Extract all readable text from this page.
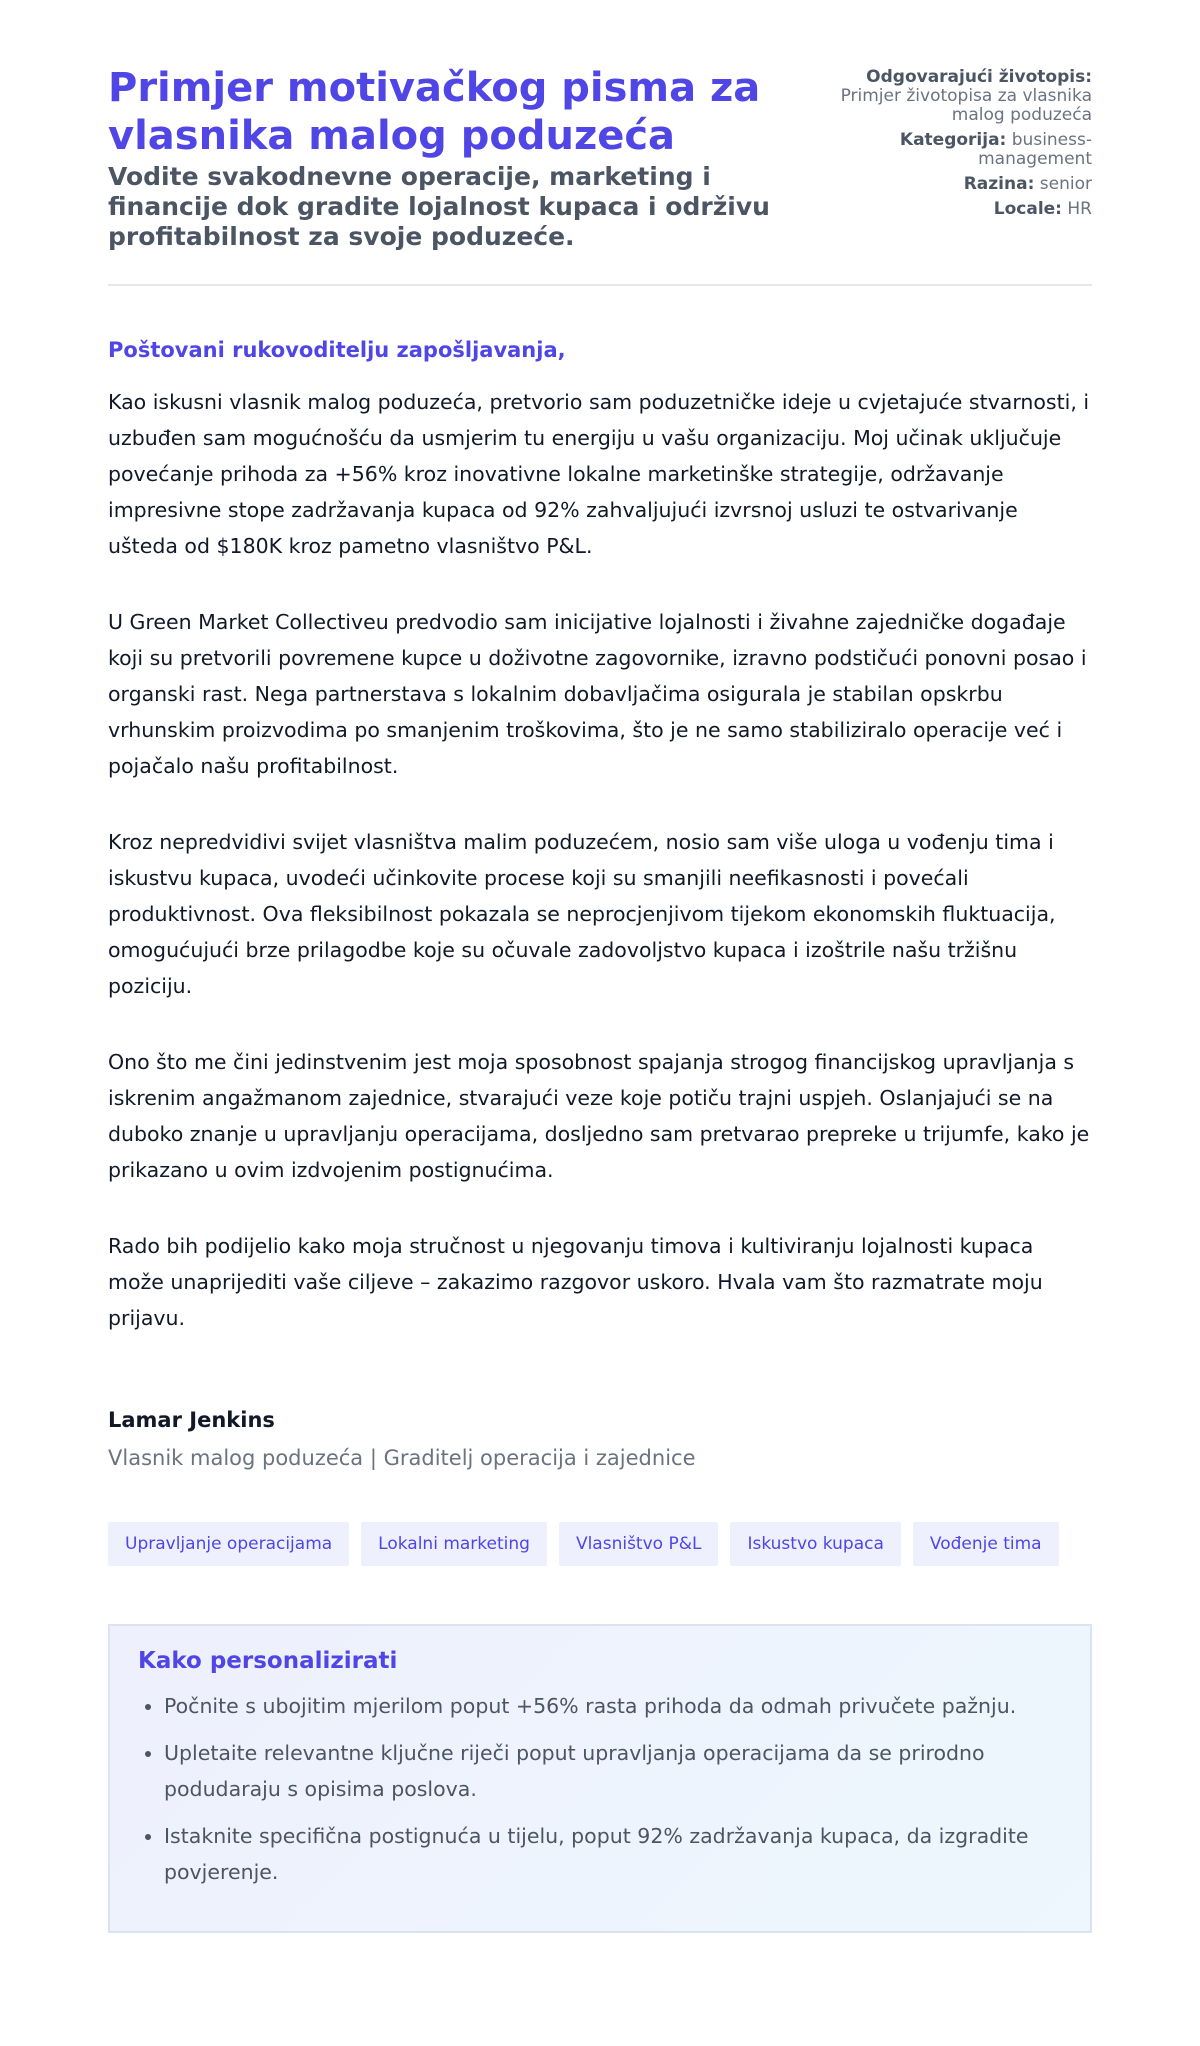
Primjer motivačkog pisma za vlasnika malog poduzeća
Vodite svakodnevne operacije, marketing i financije dok gradite lojalnost kupaca i održivu profitabilnost za svoje poduzeće.
Odgovarajući životopis:
Primjer životopisa za vlasnika malog poduzeća
Kategorija: business-management
Razina: senior
Locale: HR
Poštovani rukovoditelju zapošljavanja,

Kao iskusni vlasnik malog poduzeća, pretvorio sam poduzetničke ideje u cvjetajuće stvarnosti, i uzbuđen sam mogućnošću da usmjerim tu energiju u vašu organizaciju. Moj učinak uključuje povećanje prihoda za +56% kroz inovativne lokalne marketinške strategije, održavanje impresivne stope zadržavanja kupaca od 92% zahvaljujući izvrsnoj usluzi te ostvarivanje ušteda od $180K kroz pametno vlasništvo P&L.

U Green Market Collectiveu predvodio sam inicijative lojalnosti i živahne zajedničke događaje koji su pretvorili povremene kupce u doživotne zagovornike, izravno podstičući ponovni posao i organski rast. Nega partnerstava s lokalnim dobavljačima osigurala je stabilan opskrbu vrhunskim proizvodima po smanjenim troškovima, što je ne samo stabiliziralo operacije već i pojačalo našu profitabilnost.

Kroz nepredvidivi svijet vlasništva malim poduzećem, nosio sam više uloga u vođenju tima i iskustvu kupaca, uvodeći učinkovite procese koji su smanjili neefikasnosti i povećali produktivnost. Ova fleksibilnost pokazala se neprocjenjivom tijekom ekonomskih fluktuacija, omogućujući brze prilagodbe koje su očuvale zadovoljstvo kupaca i izoštrile našu tržišnu poziciju.

Ono što me čini jedinstvenim jest moja sposobnost spajanja strogog financijskog upravljanja s iskrenim angažmanom zajednice, stvarajući veze koje potiču trajni uspjeh. Oslanjajući se na duboko znanje u upravljanju operacijama, dosljedno sam pretvarao prepreke u trijumfe, kako je prikazano u ovim izdvojenim postignućima.

Rado bih podijelio kako moja stručnost u njegovanju timova i kultiviranju lojalnosti kupaca može unaprijediti vaše ciljeve – zakazimo razgovor uskoro. Hvala vam što razmatrate moju prijavu.

Lamar Jenkins
Vlasnik malog poduzeća | Graditelj operacija i zajednice
Upravljanje operacijama	Lokalni marketing	Vlasništvo P&L	Iskustvo kupaca	Vođenje tima
Kako personalizirati
• Počnite s ubojitim mjerilom poput +56% rasta prihoda da odmah privučete pažnju.
• Upletaite relevantne ključne riječi poput upravljanja operacijama da se prirodno podudaraju s opisima poslova.
• Istaknite specifična postignuća u tijelu, poput 92% zadržavanja kupaca, da izgradite povjerenje.
